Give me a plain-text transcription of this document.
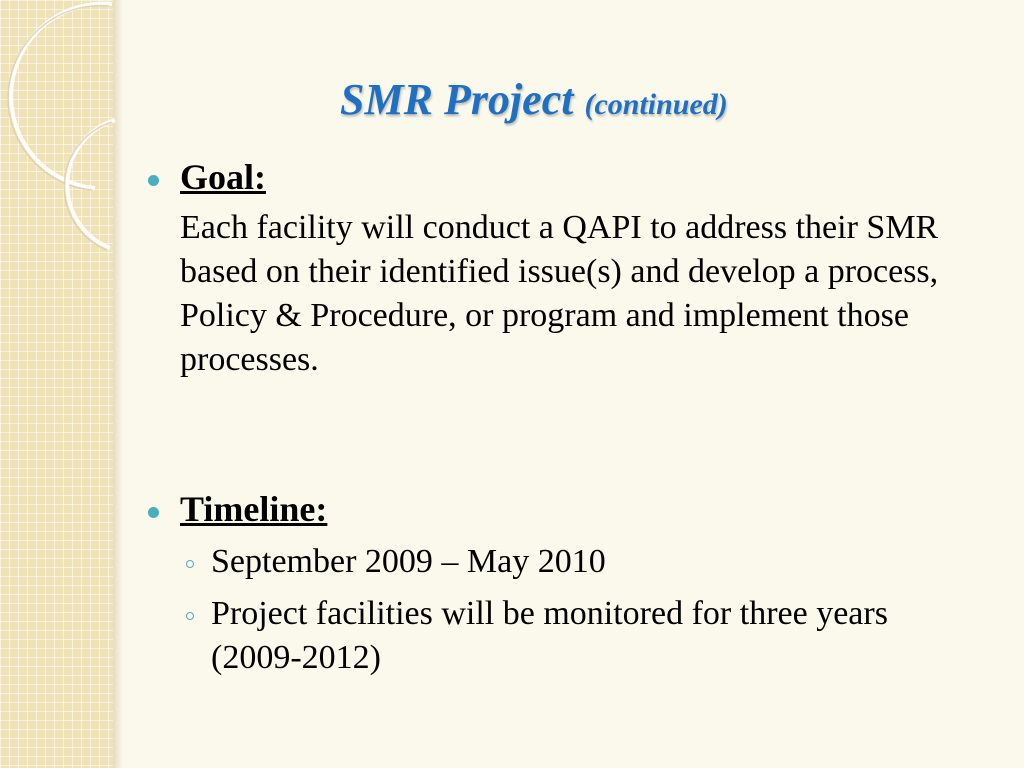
SMR Project (continued)
Goal:
Each facility will conduct a QAPI to address their SMR based on their identified issue(s) and develop a process, Policy & Procedure, or program and implement those processes.
Timeline:
September 2009 – May 2010
Project facilities will be monitored for three years (2009-2012)
